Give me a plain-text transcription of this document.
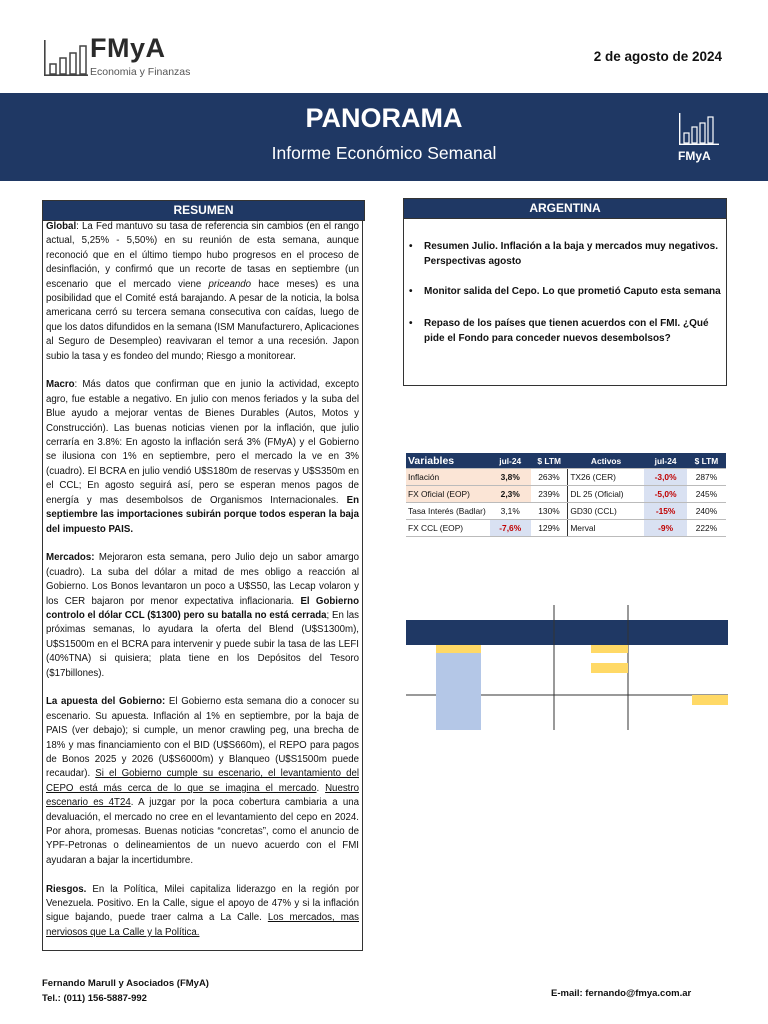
FMyA
Economia y Finanzas
2 de agosto de 2024
PANORAMA
Informe Económico Semanal	FMyA
RESUMEN

Global: La Fed mantuvo su tasa de referencia sin cambios (en el rango actual, 5,25% - 5,50%) en su reunión de esta semana, aunque reconoció que en el último tiempo hubo progresos en el proceso de desinflación, y confirmó que un recorte de tasas en septiembre (un escenario que el mercado viene priceando hace meses) es una posibilidad que el Comité está barajando. A pesar de la noticia, la bolsa americana cerró su tercera semana consecutiva con caídas, luego de que los datos difundidos en la semana (ISM Manufacturero, Aplicaciones al Seguro de Desempleo) reavivaran el temor a una recesión. Japon subio la tasa y es fondeo del mundo; Riesgo a monitorear.

Macro: Más datos que confirman que en junio la actividad, excepto agro, fue estable a negativo. En julio con menos feriados y la suba del Blue ayudo a mejorar ventas de Bienes Durables (Autos, Motos y Construcción). Las buenas noticias vienen por la inflación, que julio cerraría en 3.8%: En agosto la inflación será 3% (FMyA) y el Gobierno se ilusiona con 1% en septiembre, pero el mercado la ve en 3% (cuadro). El BCRA en julio vendió U$S180m de reservas y U$S350m en el CCL; En agosto seguirá así, pero se esperan menos pagos de energía y mas desembolsos de Organismos Internacionales. En septiembre las importaciones subirán porque todos esperan la baja del impuesto PAIS.

Mercados: Mejoraron esta semana, pero Julio dejo un sabor amargo (cuadro). La suba del dólar a mitad de mes obligo a reacción al Gobierno. Los Bonos levantaron un poco a U$S50, las Lecap volaron y los CER bajaron por menor expectativa inflacionaria. El Gobierno controlo el dólar CCL ($1300) pero su batalla no está cerrada; En las próximas semanas, lo ayudara la oferta del Blend (U$S1300m), U$S1500m en el BCRA para intervenir y puede subir la tasa de las LEFI (40%TNA) si quisiera; plata tiene en los Depósitos del Tesoro ($17billones).

La apuesta del Gobierno: El Gobierno esta semana dio a conocer su escenario. Su apuesta. Inflación al 1% en septiembre, por la baja de PAIS (ver debajo); si cumple, un menor crawling peg, una brecha de 18% y mas financiamiento con el BID (U$S660m), el REPO para pagos de Bonos 2025 y 2026 (U$S6000m) y Blanqueo (U$S1500m puede recaudar). Si el Gobierno cumple su escenario, el levantamiento del CEPO está más cerca de lo que se imagina el mercado. Nuestro escenario es 4T24. A juzgar por la poca cobertura cambiaria a una devaluación, el mercado no cree en el levantamiento del cepo en 2024. Por ahora, promesas. Buenas noticias “concretas”, como el anuncio de YPF-Petronas o delineamientos de un nuevo acuerdo con el FMI ayudaran a bajar la incertidumbre.

Riesgos. En la Política, Milei capitaliza liderazgo en la región por Venezuela. Positivo. En la Calle, sigue el apoyo de 47% y si la inflación sigue bajando, puede traer calma a La Calle. Los mercados, mas nerviosos que La Calle y la Política.

ARGENTINA
• Resumen Julio. Inflación a la baja y mercados muy negativos. Perspectivas agosto
• Monitor salida del Cepo. Lo que prometió Caputo esta semana
• Repaso de los países que tienen acuerdos con el FMI. ¿Qué pide el Fondo para conceder nuevos desembolsos?
Variables	jul-24	$ LTM	Activos	jul-24	$ LTM
Inflación	3,8%	263%	TX26 (CER)	-3,0%	287%
FX Oficial (EOP)	2,3%	239%	DL 25 (Oficial)	-5,0%	245%
Tasa Interés (Badlar)	3,1%	130%	GD30 (CCL)	-15%	240%
FX CCL (EOP)	-7,6%	129%	Merval	-9%	222%
Fernando Marull y Asociados (FMyA)
Tel.: (011) 156-5887-992	E-mail: fernando@fmya.com.ar
